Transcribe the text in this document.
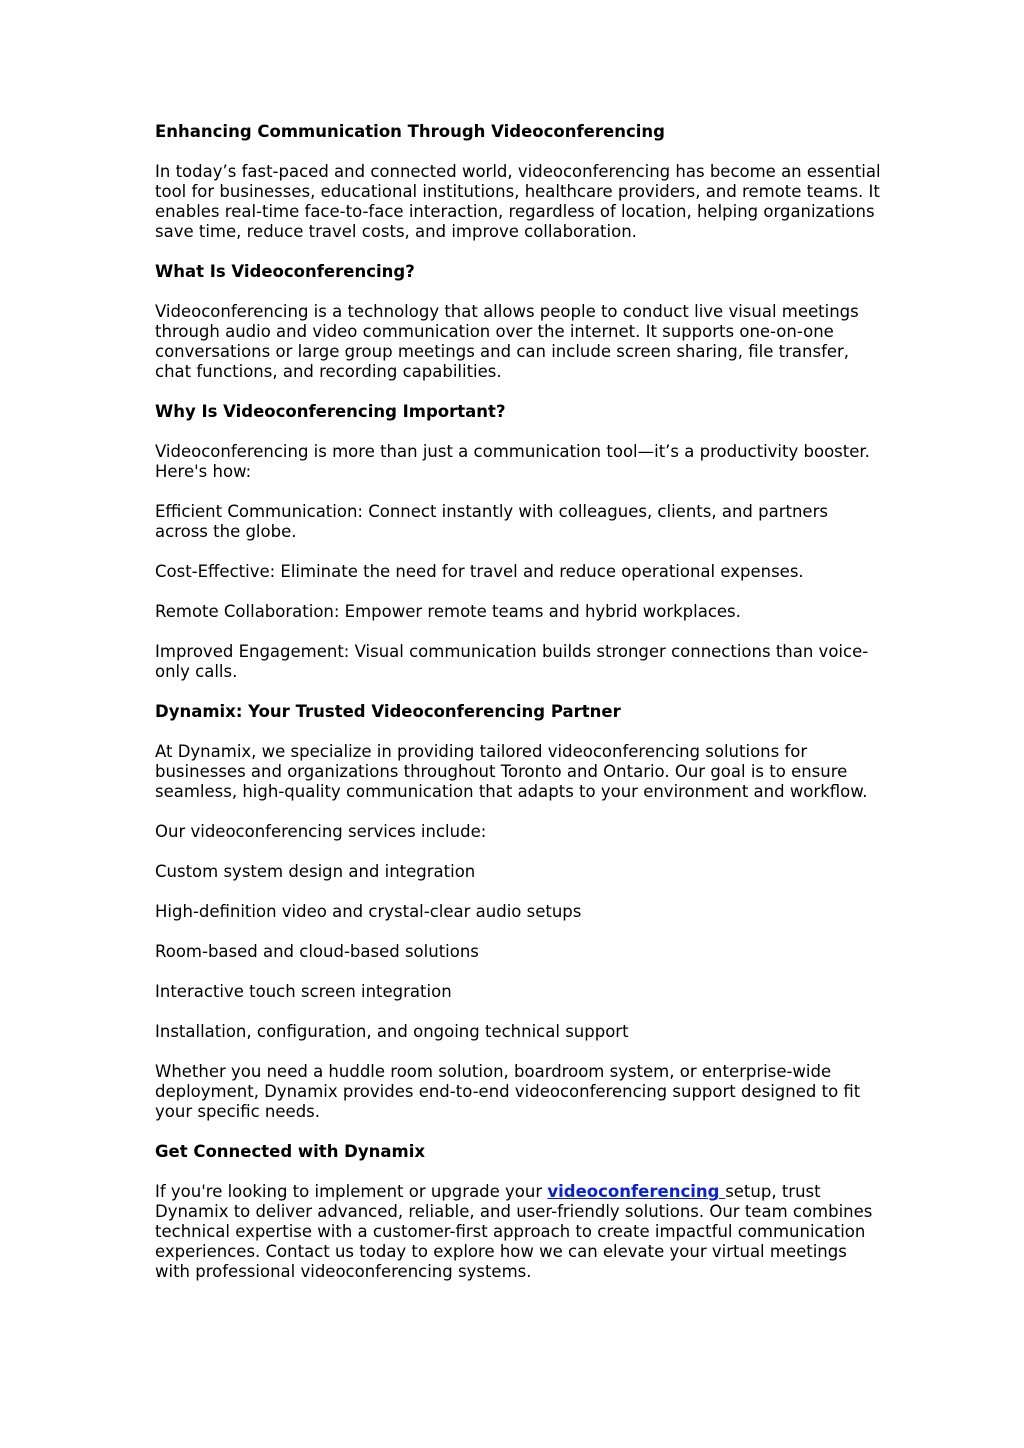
Enhancing Communication Through Videoconferencing

In today’s fast-paced and connected world, videoconferencing has become an essential tool for businesses, educational institutions, healthcare providers, and remote teams. It enables real-time face-to-face interaction, regardless of location, helping organizations save time, reduce travel costs, and improve collaboration.

What Is Videoconferencing?

Videoconferencing is a technology that allows people to conduct live visual meetings through audio and video communication over the internet. It supports one-on-one conversations or large group meetings and can include screen sharing, file transfer, chat functions, and recording capabilities.

Why Is Videoconferencing Important?

Videoconferencing is more than just a communication tool—it’s a productivity booster. Here's how:

Efficient Communication: Connect instantly with colleagues, clients, and partners across the globe.

Cost-Effective: Eliminate the need for travel and reduce operational expenses.

Remote Collaboration: Empower remote teams and hybrid workplaces.

Improved Engagement: Visual communication builds stronger connections than voice-only calls.

Dynamix: Your Trusted Videoconferencing Partner

At Dynamix, we specialize in providing tailored videoconferencing solutions for businesses and organizations throughout Toronto and Ontario. Our goal is to ensure seamless, high-quality communication that adapts to your environment and workflow.

Our videoconferencing services include:

Custom system design and integration

High-definition video and crystal-clear audio setups

Room-based and cloud-based solutions

Interactive touch screen integration

Installation, configuration, and ongoing technical support

Whether you need a huddle room solution, boardroom system, or enterprise-wide deployment, Dynamix provides end-to-end videoconferencing support designed to fit your specific needs.

Get Connected with Dynamix

If you're looking to implement or upgrade your videoconferencing setup, trust Dynamix to deliver advanced, reliable, and user-friendly solutions. Our team combines technical expertise with a customer-first approach to create impactful communication experiences. Contact us today to explore how we can elevate your virtual meetings with professional videoconferencing systems.
